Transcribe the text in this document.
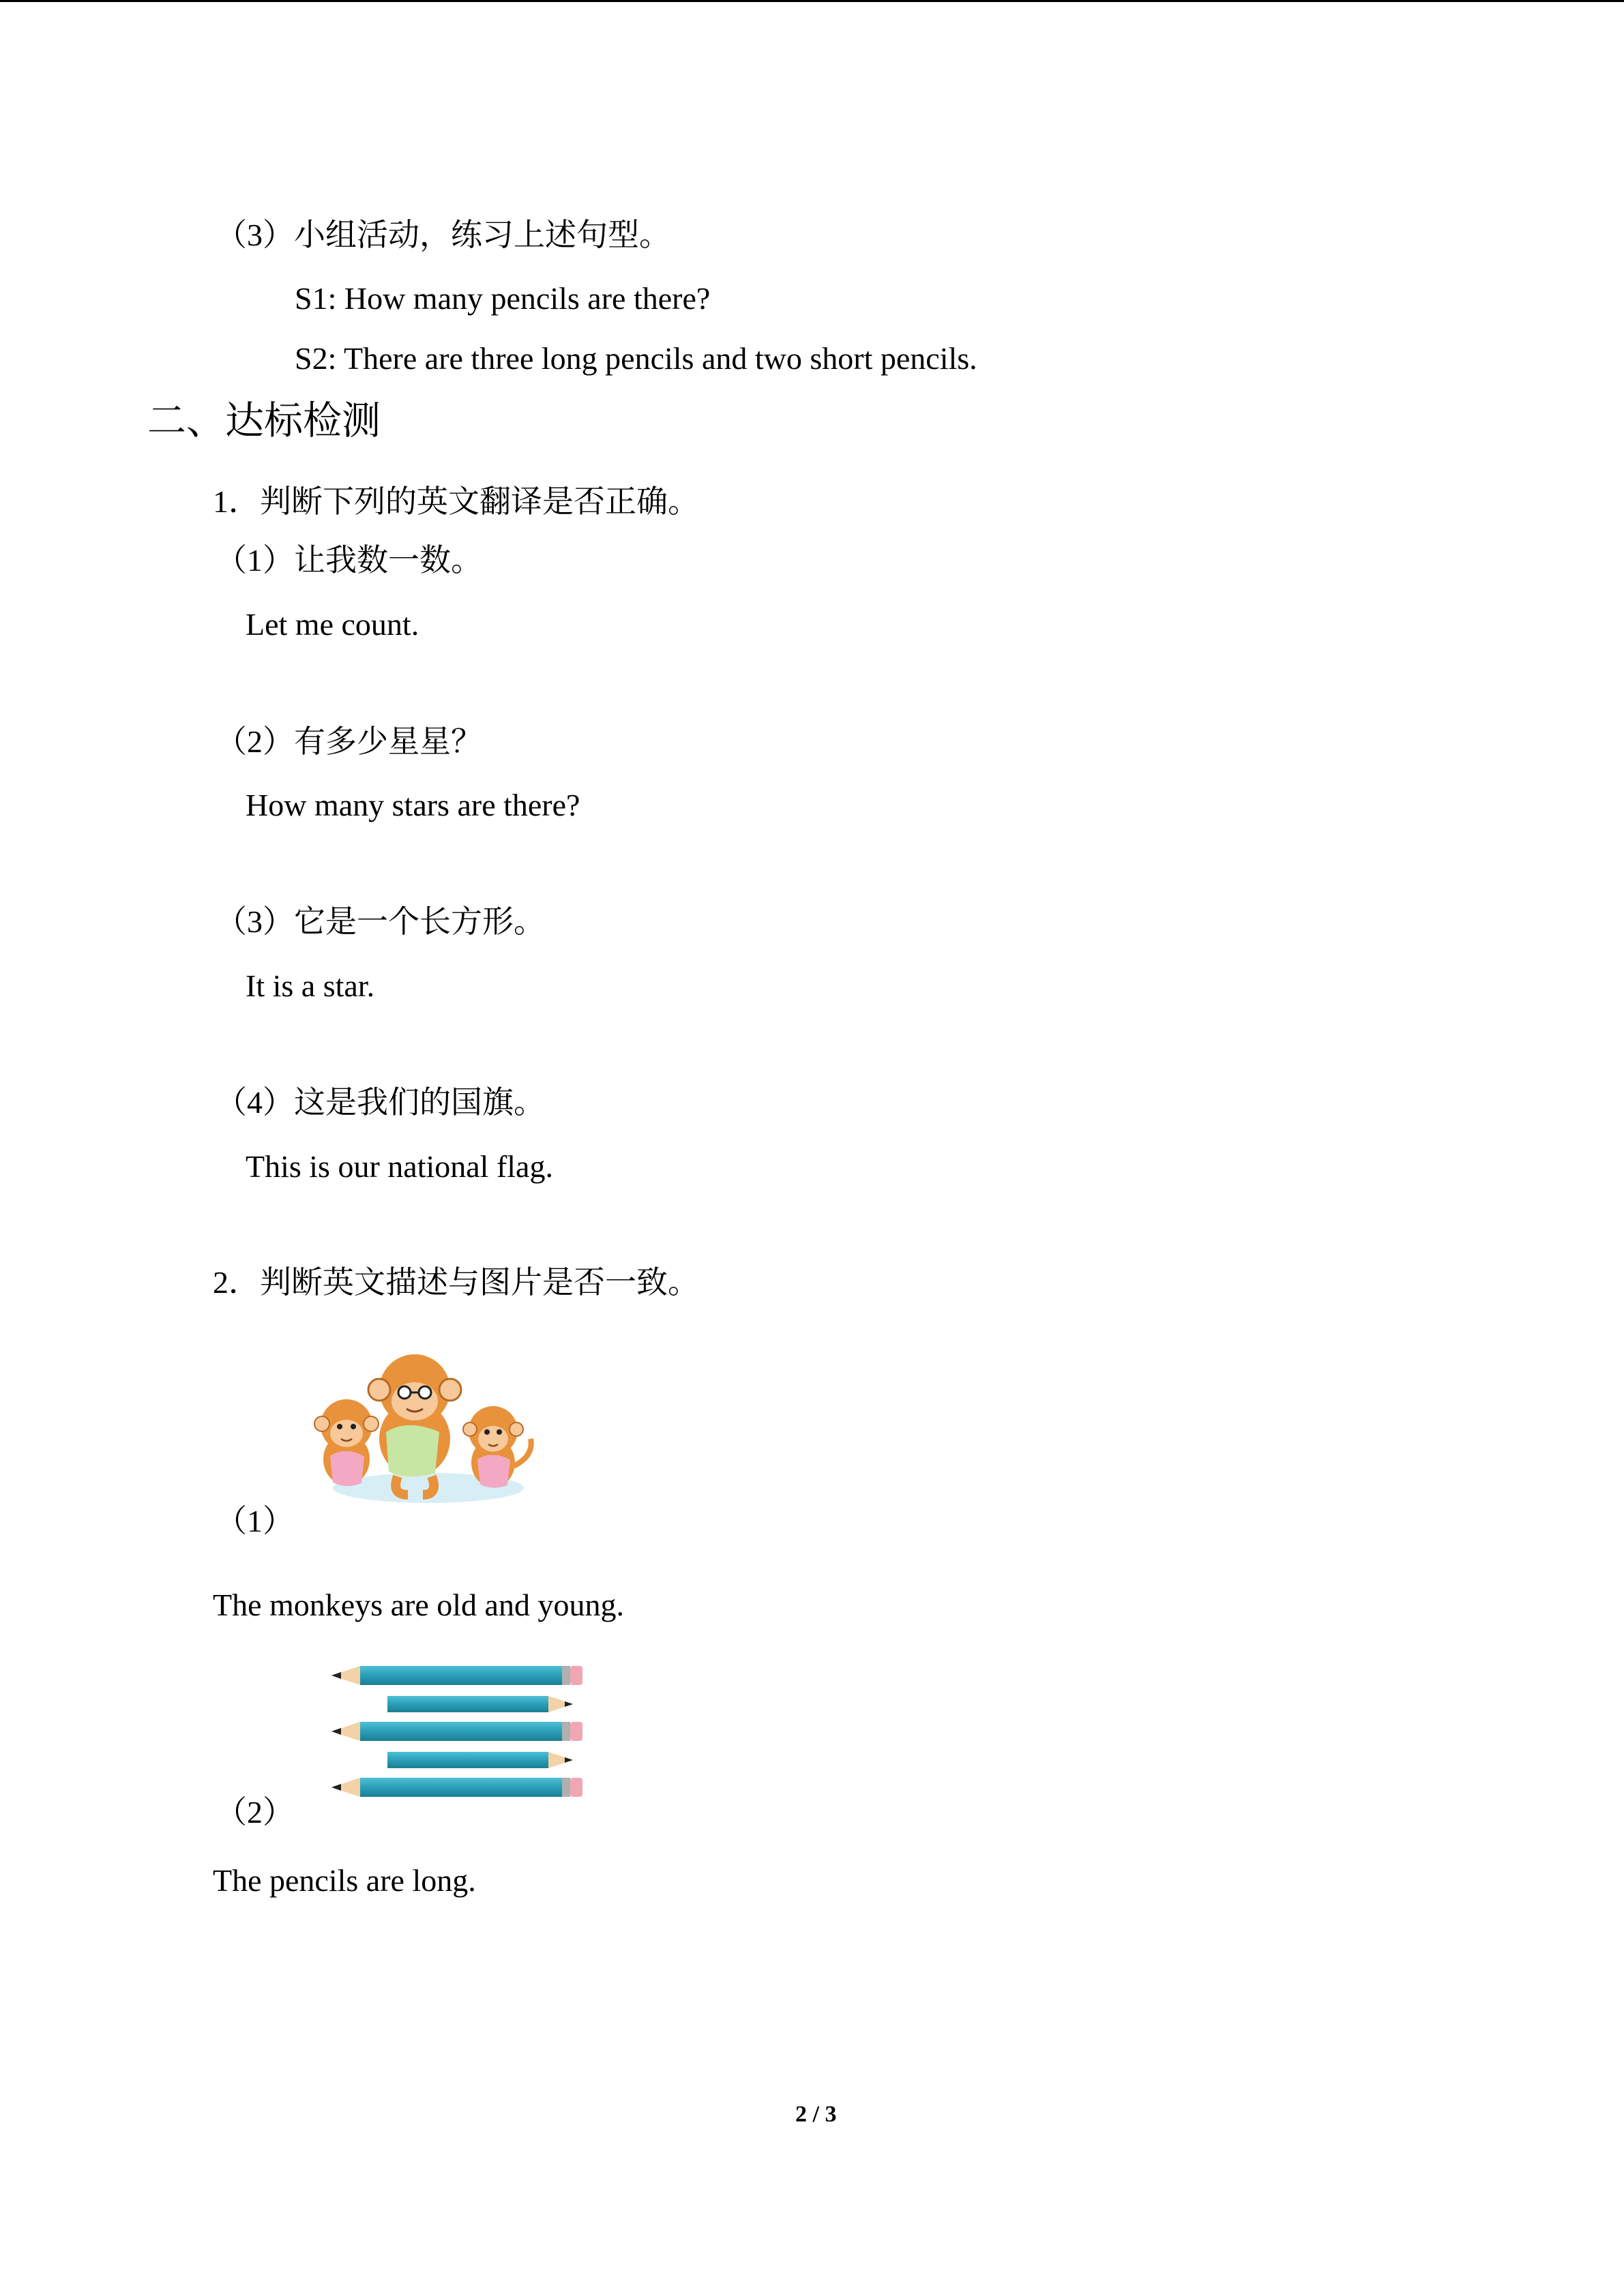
（3）小组活动，练习上述句型。
S1: How many pencils are there?
S2: There are three long pencils and two short pencils.
二、达标检测
1．判断下列的英文翻译是否正确。
（1）让我数一数。
Let me count.
（2）有多少星星？
How many stars are there?
（3）它是一个长方形。
It is a star.
（4）这是我们的国旗。
This is our national flag.
2．判断英文描述与图片是否一致。
（1）
The monkeys are old and young.
（2）
The pencils are long.
2 / 3
